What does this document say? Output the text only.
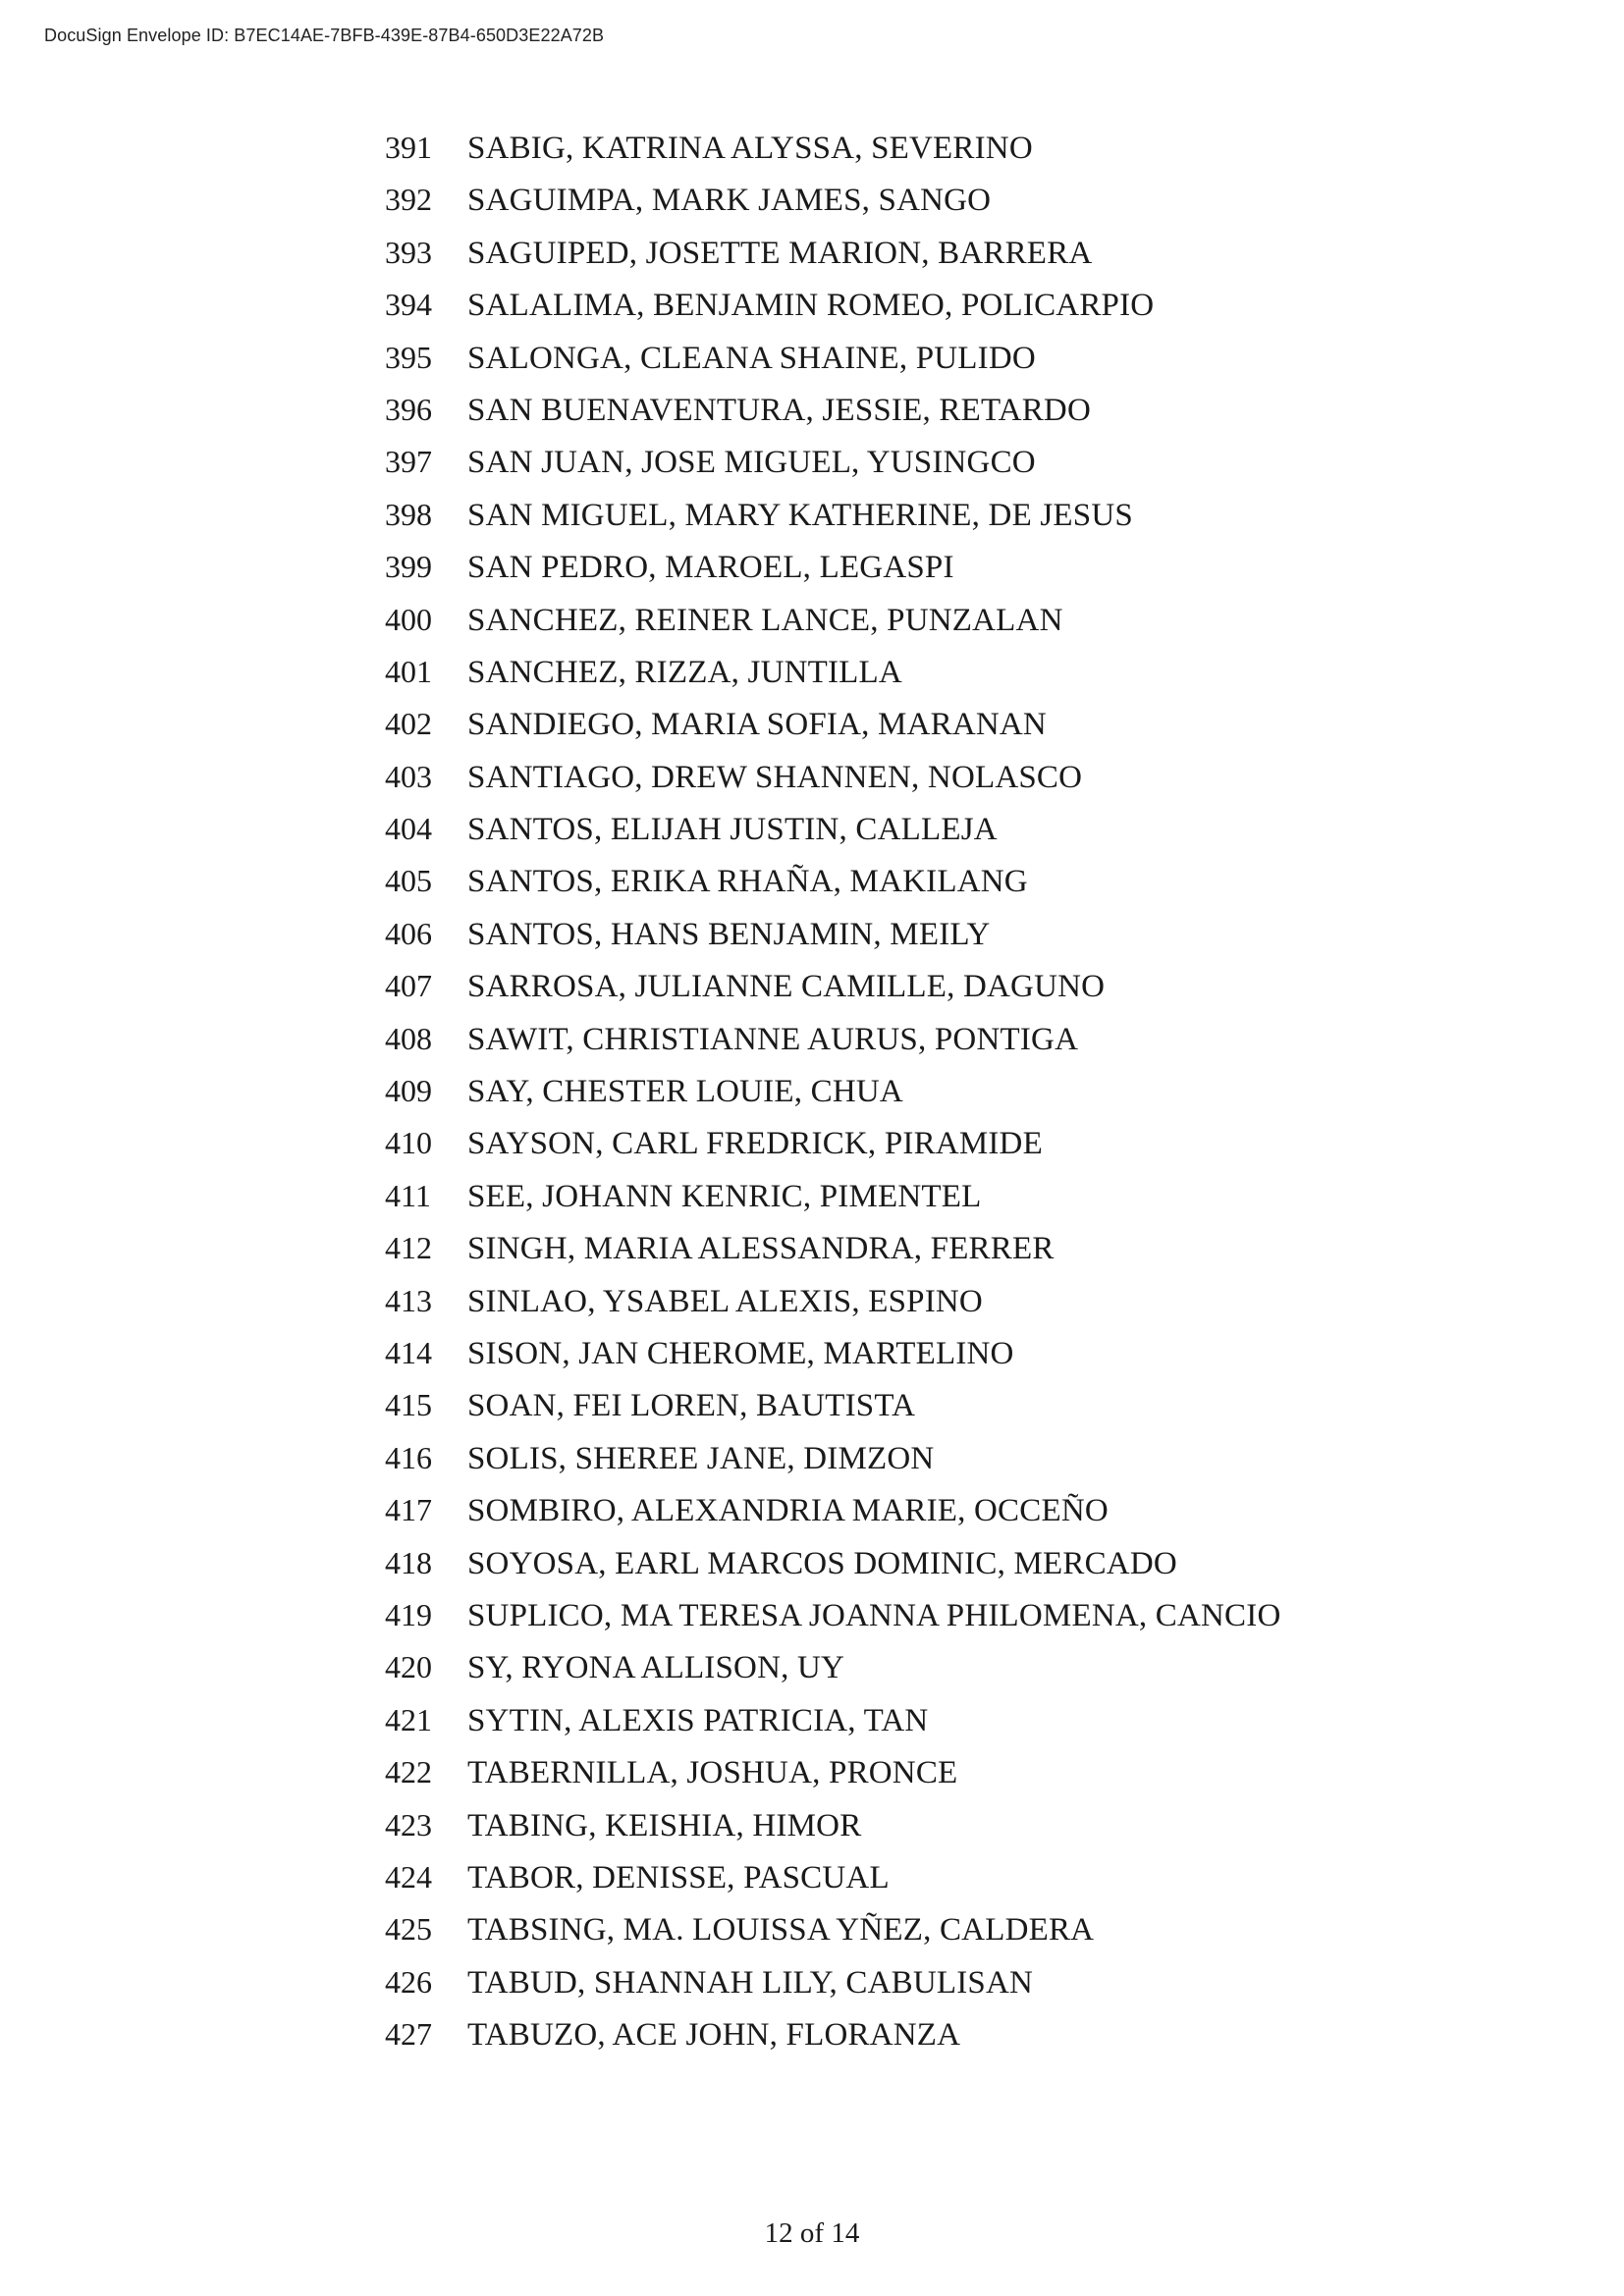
DocuSign Envelope ID: B7EC14AE-7BFB-439E-87B4-650D3E22A72B
391	SABIG, KATRINA ALYSSA, SEVERINO
392	SAGUIMPA, MARK JAMES, SANGO
393	SAGUIPED, JOSETTE MARION, BARRERA
394	SALALIMA, BENJAMIN ROMEO, POLICARPIO
395	SALONGA, CLEANA SHAINE, PULIDO
396	SAN BUENAVENTURA, JESSIE, RETARDO
397	SAN JUAN, JOSE MIGUEL, YUSINGCO
398	SAN MIGUEL, MARY KATHERINE, DE JESUS
399	SAN PEDRO, MAROEL, LEGASPI
400	SANCHEZ, REINER LANCE, PUNZALAN
401	SANCHEZ, RIZZA, JUNTILLA
402	SANDIEGO, MARIA SOFIA, MARANAN
403	SANTIAGO, DREW SHANNEN, NOLASCO
404	SANTOS, ELIJAH JUSTIN, CALLEJA
405	SANTOS, ERIKA RHAÑA, MAKILANG
406	SANTOS, HANS BENJAMIN, MEILY
407	SARROSA, JULIANNE CAMILLE, DAGUNO
408	SAWIT, CHRISTIANNE AURUS, PONTIGA
409	SAY, CHESTER LOUIE, CHUA
410	SAYSON, CARL FREDRICK, PIRAMIDE
411	SEE, JOHANN KENRIC, PIMENTEL
412	SINGH, MARIA ALESSANDRA, FERRER
413	SINLAO, YSABEL ALEXIS, ESPINO
414	SISON, JAN CHEROME, MARTELINO
415	SOAN, FEI LOREN, BAUTISTA
416	SOLIS, SHEREE JANE, DIMZON
417	SOMBIRO, ALEXANDRIA MARIE, OCCEÑO
418	SOYOSA, EARL MARCOS DOMINIC, MERCADO
419	SUPLICO, MA TERESA JOANNA PHILOMENA, CANCIO
420	SY, RYONA ALLISON, UY
421	SYTIN, ALEXIS PATRICIA, TAN
422	TABERNILLA, JOSHUA, PRONCE
423	TABING, KEISHIA, HIMOR
424	TABOR, DENISSE, PASCUAL
425	TABSING, MA. LOUISSA YÑEZ, CALDERA
426	TABUD, SHANNAH LILY, CABULISAN
427	TABUZO, ACE JOHN, FLORANZA
12 of 14
